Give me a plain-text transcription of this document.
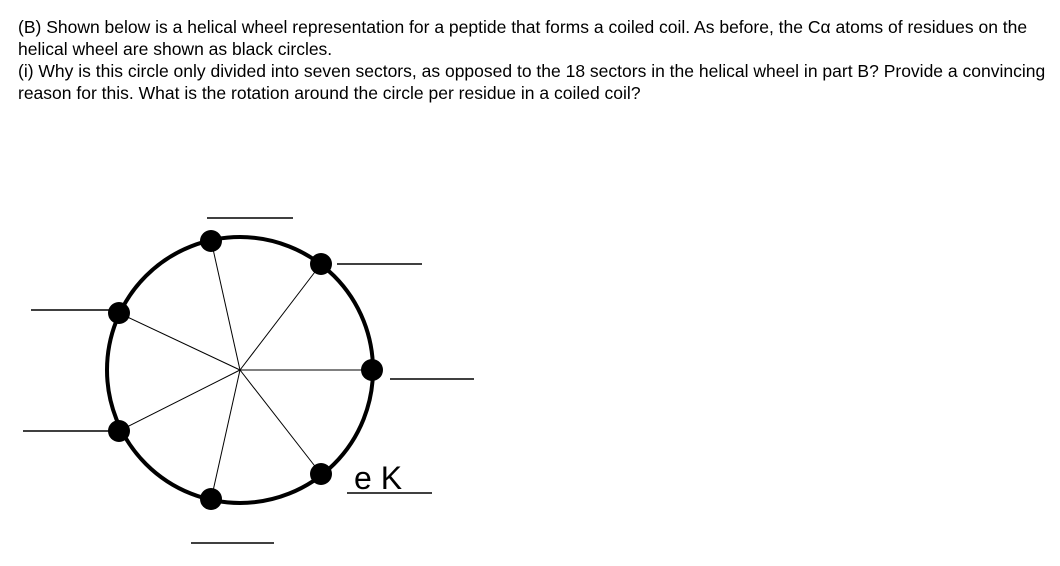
(B) Shown below is a helical wheel representation for a peptide that forms a coiled coil. As before, the Cα atoms of residues on the helical wheel are shown as black circles.

(i) Why is this circle only divided into seven sectors, as opposed to the 18 sectors in the helical wheel in part B? Provide a convincing reason for this. What is the rotation around the circle per residue in a coiled coil?

e K
